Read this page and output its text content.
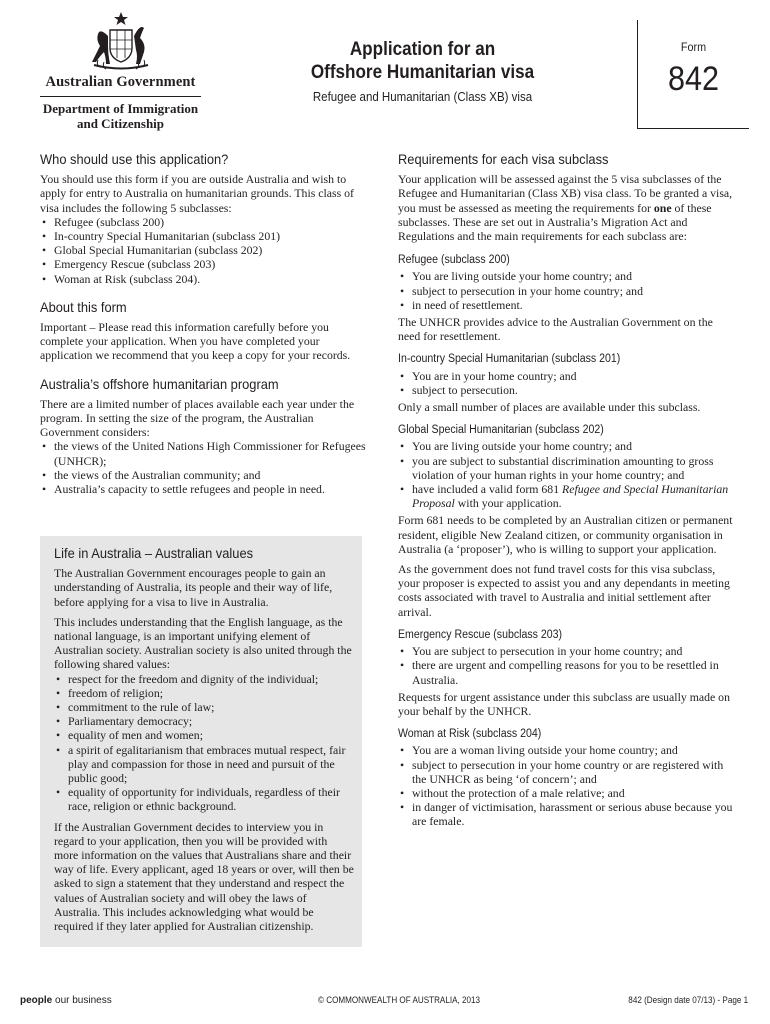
Australian Government
Department of Immigration
and Citizenship
Application for an
Offshore Humanitarian visa
Refugee and Humanitarian (Class XB) visa
Form
842
Who should use this application?

You should use this form if you are outside Australia and wish to apply for entry to Australia on humanitarian grounds. This class of visa includes the following 5 subclasses:

• Refugee (subclass 200)
• In-country Special Humanitarian (subclass 201)
• Global Special Humanitarian (subclass 202)
• Emergency Rescue (subclass 203)
• Woman at Risk (subclass 204).
About this form

Important – Please read this information carefully before you complete your application. When you have completed your application we recommend that you keep a copy for your records.

Australia’s offshore humanitarian program

There are a limited number of places available each year under the program. In setting the size of the program, the Australian Government considers:

• the views of the United Nations High Commissioner for Refugees (UNHCR);
• the views of the Australian community; and
• Australia’s capacity to settle refugees and people in need.
Life in Australia – Australian values

The Australian Government encourages people to gain an understanding of Australia, its people and their way of life, before applying for a visa to live in Australia.

This includes understanding that the English language, as the national language, is an important unifying element of Australian society. Australian society is also united through the following shared values:

• respect for the freedom and dignity of the individual;
• freedom of religion;
• commitment to the rule of law;
• Parliamentary democracy;
• equality of men and women;
• a spirit of egalitarianism that embraces mutual respect, fair play and compassion for those in need and pursuit of the public good;
• equality of opportunity for individuals, regardless of their race, religion or ethnic background.

If the Australian Government decides to interview you in regard to your application, then you will be provided with more information on the values that Australians share and their way of life. Every applicant, aged 18 years or over, will then be asked to sign a statement that they understand and respect the values of Australian society and will obey the laws of Australia. This includes acknowledging what would be required if they later applied for Australian citizenship.

Requirements for each visa subclass

Your application will be assessed against the 5 visa subclasses of the Refugee and Humanitarian (Class XB) visa class. To be granted a visa, you must be assessed as meeting the requirements for one of these subclasses. These are set out in Australia’s Migration Act and Regulations and the main requirements for each subclass are:

Refugee (subclass 200)
• You are living outside your home country; and
• subject to persecution in your home country; and
• in need of resettlement.

The UNHCR provides advice to the Australian Government on the need for resettlement.

In-country Special Humanitarian (subclass 201)
• You are in your home country; and
• subject to persecution.

Only a small number of places are available under this subclass.

Global Special Humanitarian (subclass 202)
• You are living outside your home country; and
• you are subject to substantial discrimination amounting to gross violation of your human rights in your home country; and
• have included a valid form 681 Refugee and Special Humanitarian Proposal with your application.

Form 681 needs to be completed by an Australian citizen or permanent resident, eligible New Zealand citizen, or community organisation in Australia (a ‘proposer’), who is willing to support your application.

As the government does not fund travel costs for this visa subclass, your proposer is expected to assist you and any dependants in meeting costs associated with travel to Australia and initial settlement after arrival.

Emergency Rescue (subclass 203)
• You are subject to persecution in your home country; and
• there are urgent and compelling reasons for you to be resettled in Australia.

Requests for urgent assistance under this subclass are usually made on your behalf by the UNHCR.

Woman at Risk (subclass 204)
• You are a woman living outside your home country; and
• subject to persecution in your home country or are registered with the UNHCR as being ‘of concern’; and
• without the protection of a male relative; and
• in danger of victimisation, harassment or serious abuse because you are female.
people our business	© COMMONWEALTH OF AUSTRALIA, 2013	842 (Design date 07/13) - Page 1
